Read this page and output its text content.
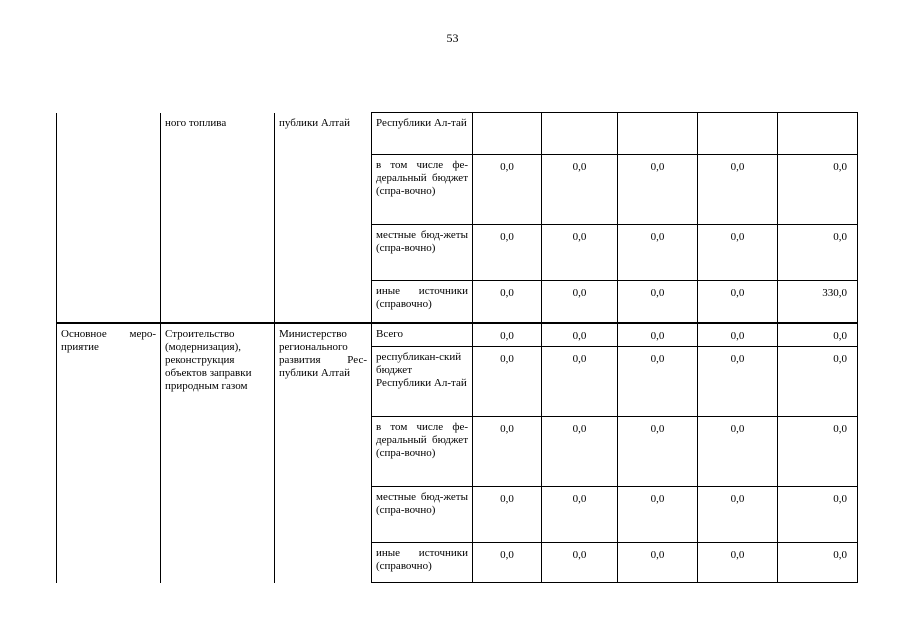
53
	ного топлива	публики Алтай	Республики Ал-тай					
			в том числе фе-деральный бюджет (спра-вочно)	0,0	0,0	0,0	0,0	0,0
			местные бюд-жеты (спра-вочно)	0,0	0,0	0,0	0,0	0,0
			иные источники (справочно)	0,0	0,0	0,0	0,0	330,0
Основное меро-приятие	Строительство (модернизация), реконструкция объектов заправки природным газом	Министерство регионального развития Рес-публики Алтай	Всего	0,0	0,0	0,0	0,0	0,0
			республикан-ский бюджет Республики Ал-тай	0,0	0,0	0,0	0,0	0,0
			в том числе фе-деральный бюджет (спра-вочно)	0,0	0,0	0,0	0,0	0,0
			местные бюд-жеты (спра-вочно)	0,0	0,0	0,0	0,0	0,0
			иные источники (справочно)	0,0	0,0	0,0	0,0	0,0
